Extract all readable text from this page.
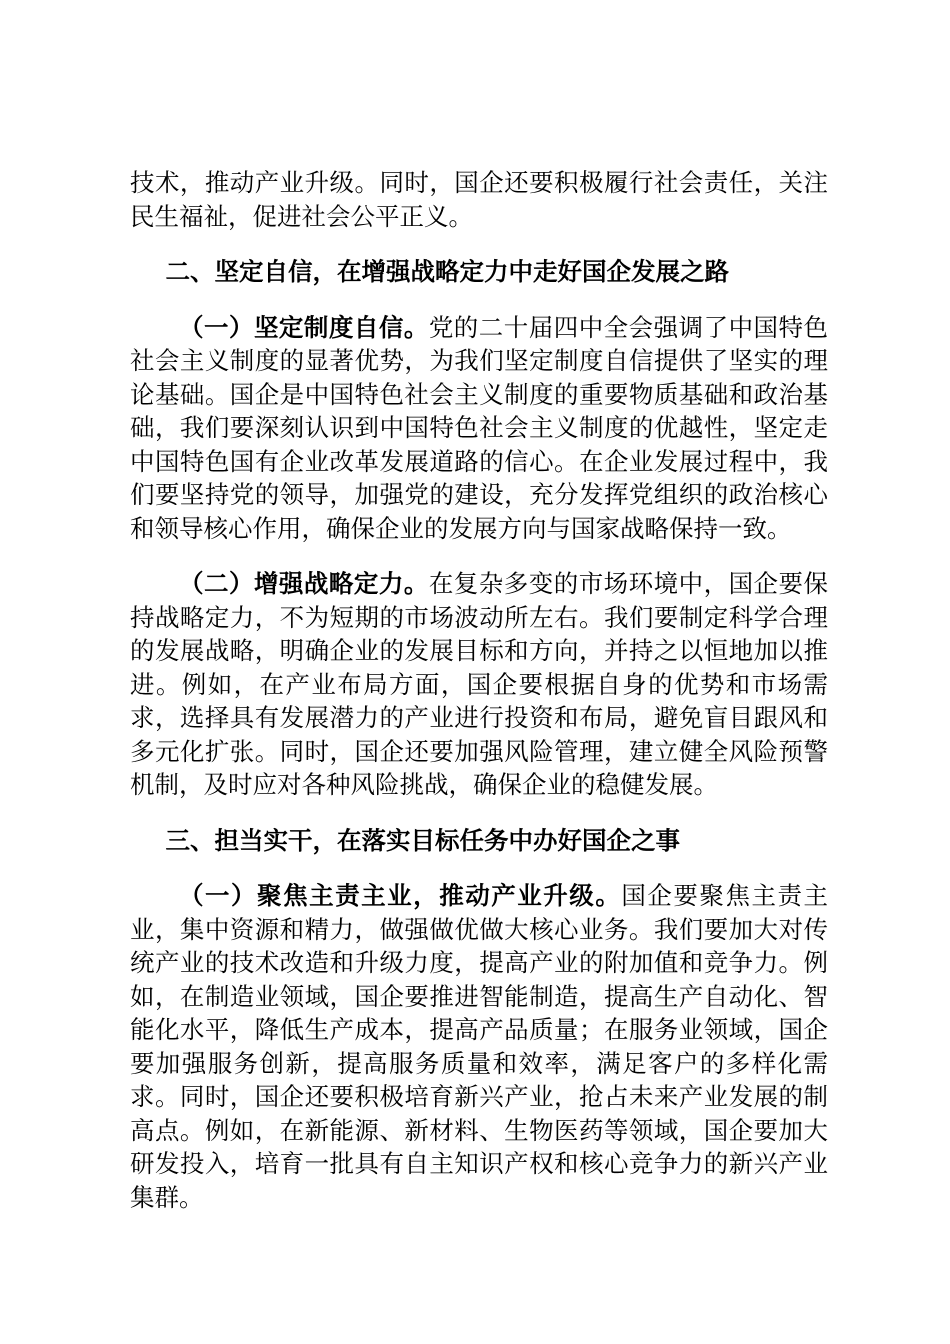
技术，推动产业升级。同时，国企还要积极履行社会责任，关注民生福祉，促进社会公平正义。

二、坚定自信，在增强战略定力中走好国企发展之路

（一）坚定制度自信。党的二十届四中全会强调了中国特色社会主义制度的显著优势，为我们坚定制度自信提供了坚实的理论基础。国企是中国特色社会主义制度的重要物质基础和政治基础，我们要深刻认识到中国特色社会主义制度的优越性，坚定走中国特色国有企业改革发展道路的信心。在企业发展过程中，我们要坚持党的领导，加强党的建设，充分发挥党组织的政治核心和领导核心作用，确保企业的发展方向与国家战略保持一致。

（二）增强战略定力。在复杂多变的市场环境中，国企要保持战略定力，不为短期的市场波动所左右。我们要制定科学合理的发展战略，明确企业的发展目标和方向，并持之以恒地加以推进。例如，在产业布局方面，国企要根据自身的优势和市场需求，选择具有发展潜力的产业进行投资和布局，避免盲目跟风和多元化扩张。同时，国企还要加强风险管理，建立健全风险预警机制，及时应对各种风险挑战，确保企业的稳健发展。

三、担当实干，在落实目标任务中办好国企之事

（一）聚焦主责主业，推动产业升级。国企要聚焦主责主业，集中资源和精力，做强做优做大核心业务。我们要加大对传统产业的技术改造和升级力度，提高产业的附加值和竞争力。例如，在制造业领域，国企要推进智能制造，提高生产自动化、智能化水平，降低生产成本，提高产品质量；在服务业领域，国企要加强服务创新，提高服务质量和效率，满足客户的多样化需求。同时，国企还要积极培育新兴产业，抢占未来产业发展的制高点。例如，在新能源、新材料、生物医药等领域，国企要加大研发投入，培育一批具有自主知识产权和核心竞争力的新兴产业集群。
